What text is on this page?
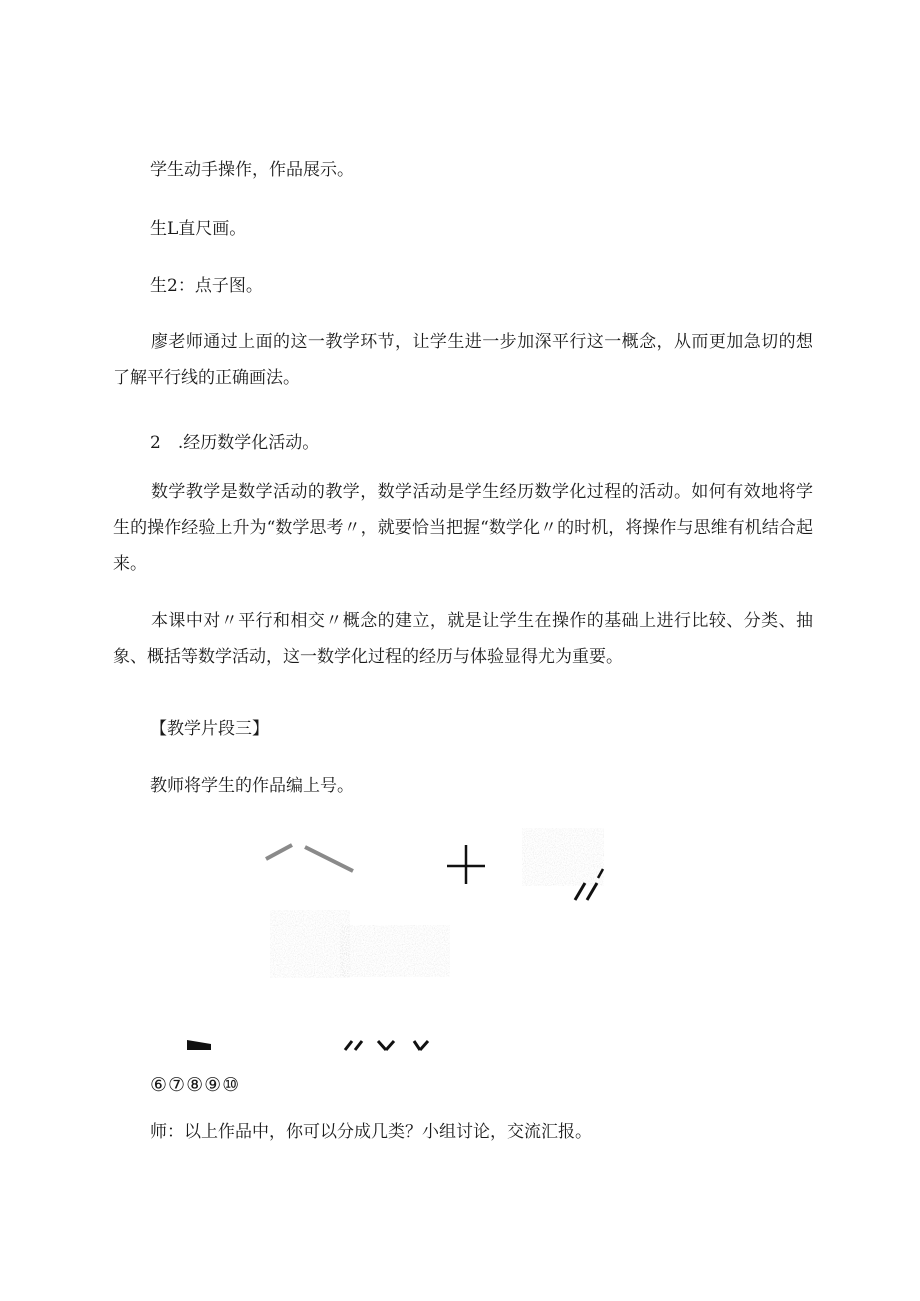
学生动手操作，作品展示。

生L直尺画。

生2：点子图。

廖老师通过上面的这一教学环节，让学生进一步加深平行这一概念，从而更加急切的想了解平行线的正确画法。

2　.经历数学化活动。

数学教学是数学活动的教学，数学活动是学生经历数学化过程的活动。如何有效地将学生的操作经验上升为“数学思考〃，就要恰当把握“数学化〃的时机，将操作与思维有机结合起来。

本课中对〃平行和相交〃概念的建立，就是让学生在操作的基础上进行比较、分类、抽象、概括等数学活动，这一数学化过程的经历与体验显得尤为重要。

【教学片段三】

教师将学生的作品编上号。

⑥⑦⑧⑨⑩

师：以上作品中，你可以分成几类？小组讨论，交流汇报。
